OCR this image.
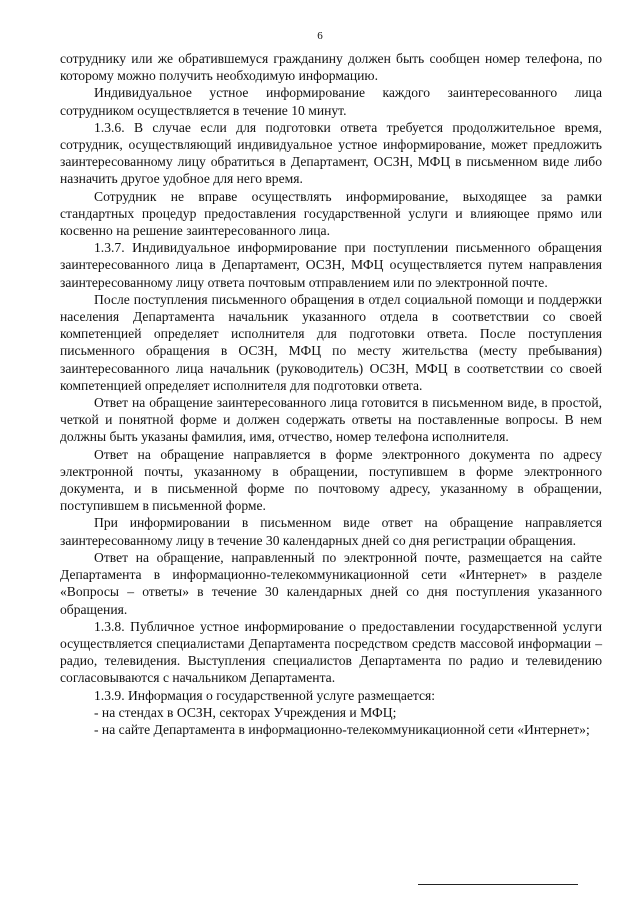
6

сотруднику или же обратившемуся гражданину должен быть сообщен номер телефона, по которому можно получить необходимую информацию.

Индивидуальное устное информирование каждого заинтересованного лица сотрудником осуществляется в течение 10 минут.

1.3.6. В случае если для подготовки ответа требуется продолжительное время, сотрудник, осуществляющий индивидуальное устное информирование, может предложить заинтересованному лицу обратиться в Департамент, ОСЗН, МФЦ в письменном виде либо назначить другое удобное для него время.

Сотрудник не вправе осуществлять информирование, выходящее за рамки стандартных процедур предоставления государственной услуги и влияющее прямо или косвенно на решение заинтересованного лица.

1.3.7. Индивидуальное информирование при поступлении письменного обращения заинтересованного лица в Департамент, ОСЗН, МФЦ осуществляется путем направления заинтересованному лицу ответа почтовым отправлением или по электронной почте.

После поступления письменного обращения в отдел социальной помощи и поддержки населения Департамента начальник указанного отдела в соответствии со своей компетенцией определяет исполнителя для подготовки ответа. После поступления письменного обращения в ОСЗН, МФЦ по месту жительства (месту пребывания) заинтересованного лица начальник (руководитель) ОСЗН, МФЦ в соответствии со своей компетенцией определяет исполнителя для подготовки ответа.

Ответ на обращение заинтересованного лица готовится в письменном виде, в простой, четкой и понятной форме и должен содержать ответы на поставленные вопросы. В нем должны быть указаны фамилия, имя, отчество, номер телефона исполнителя.

Ответ на обращение направляется в форме электронного документа по адресу электронной почты, указанному в обращении, поступившем в форме электронного документа, и в письменной форме по почтовому адресу, указанному в обращении, поступившем в письменной форме.

При информировании в письменном виде ответ на обращение направляется заинтересованному лицу в течение 30 календарных дней со дня регистрации обращения.

Ответ на обращение, направленный по электронной почте, размещается на сайте Департамента в информационно-телекоммуникационной сети «Интернет» в разделе «Вопросы – ответы» в течение 30 календарных дней со дня поступления указанного обращения.

1.3.8. Публичное устное информирование о предоставлении государственной услуги осуществляется специалистами Департамента посредством средств массовой информации – радио, телевидения. Выступления специалистов Департамента по радио и телевидению согласовываются с начальником Департамента.

1.3.9. Информация о государственной услуге размещается:

- на стендах в ОСЗН, секторах Учреждения и МФЦ;

- на сайте Департамента в информационно-телекоммуникационной сети «Интернет»;
